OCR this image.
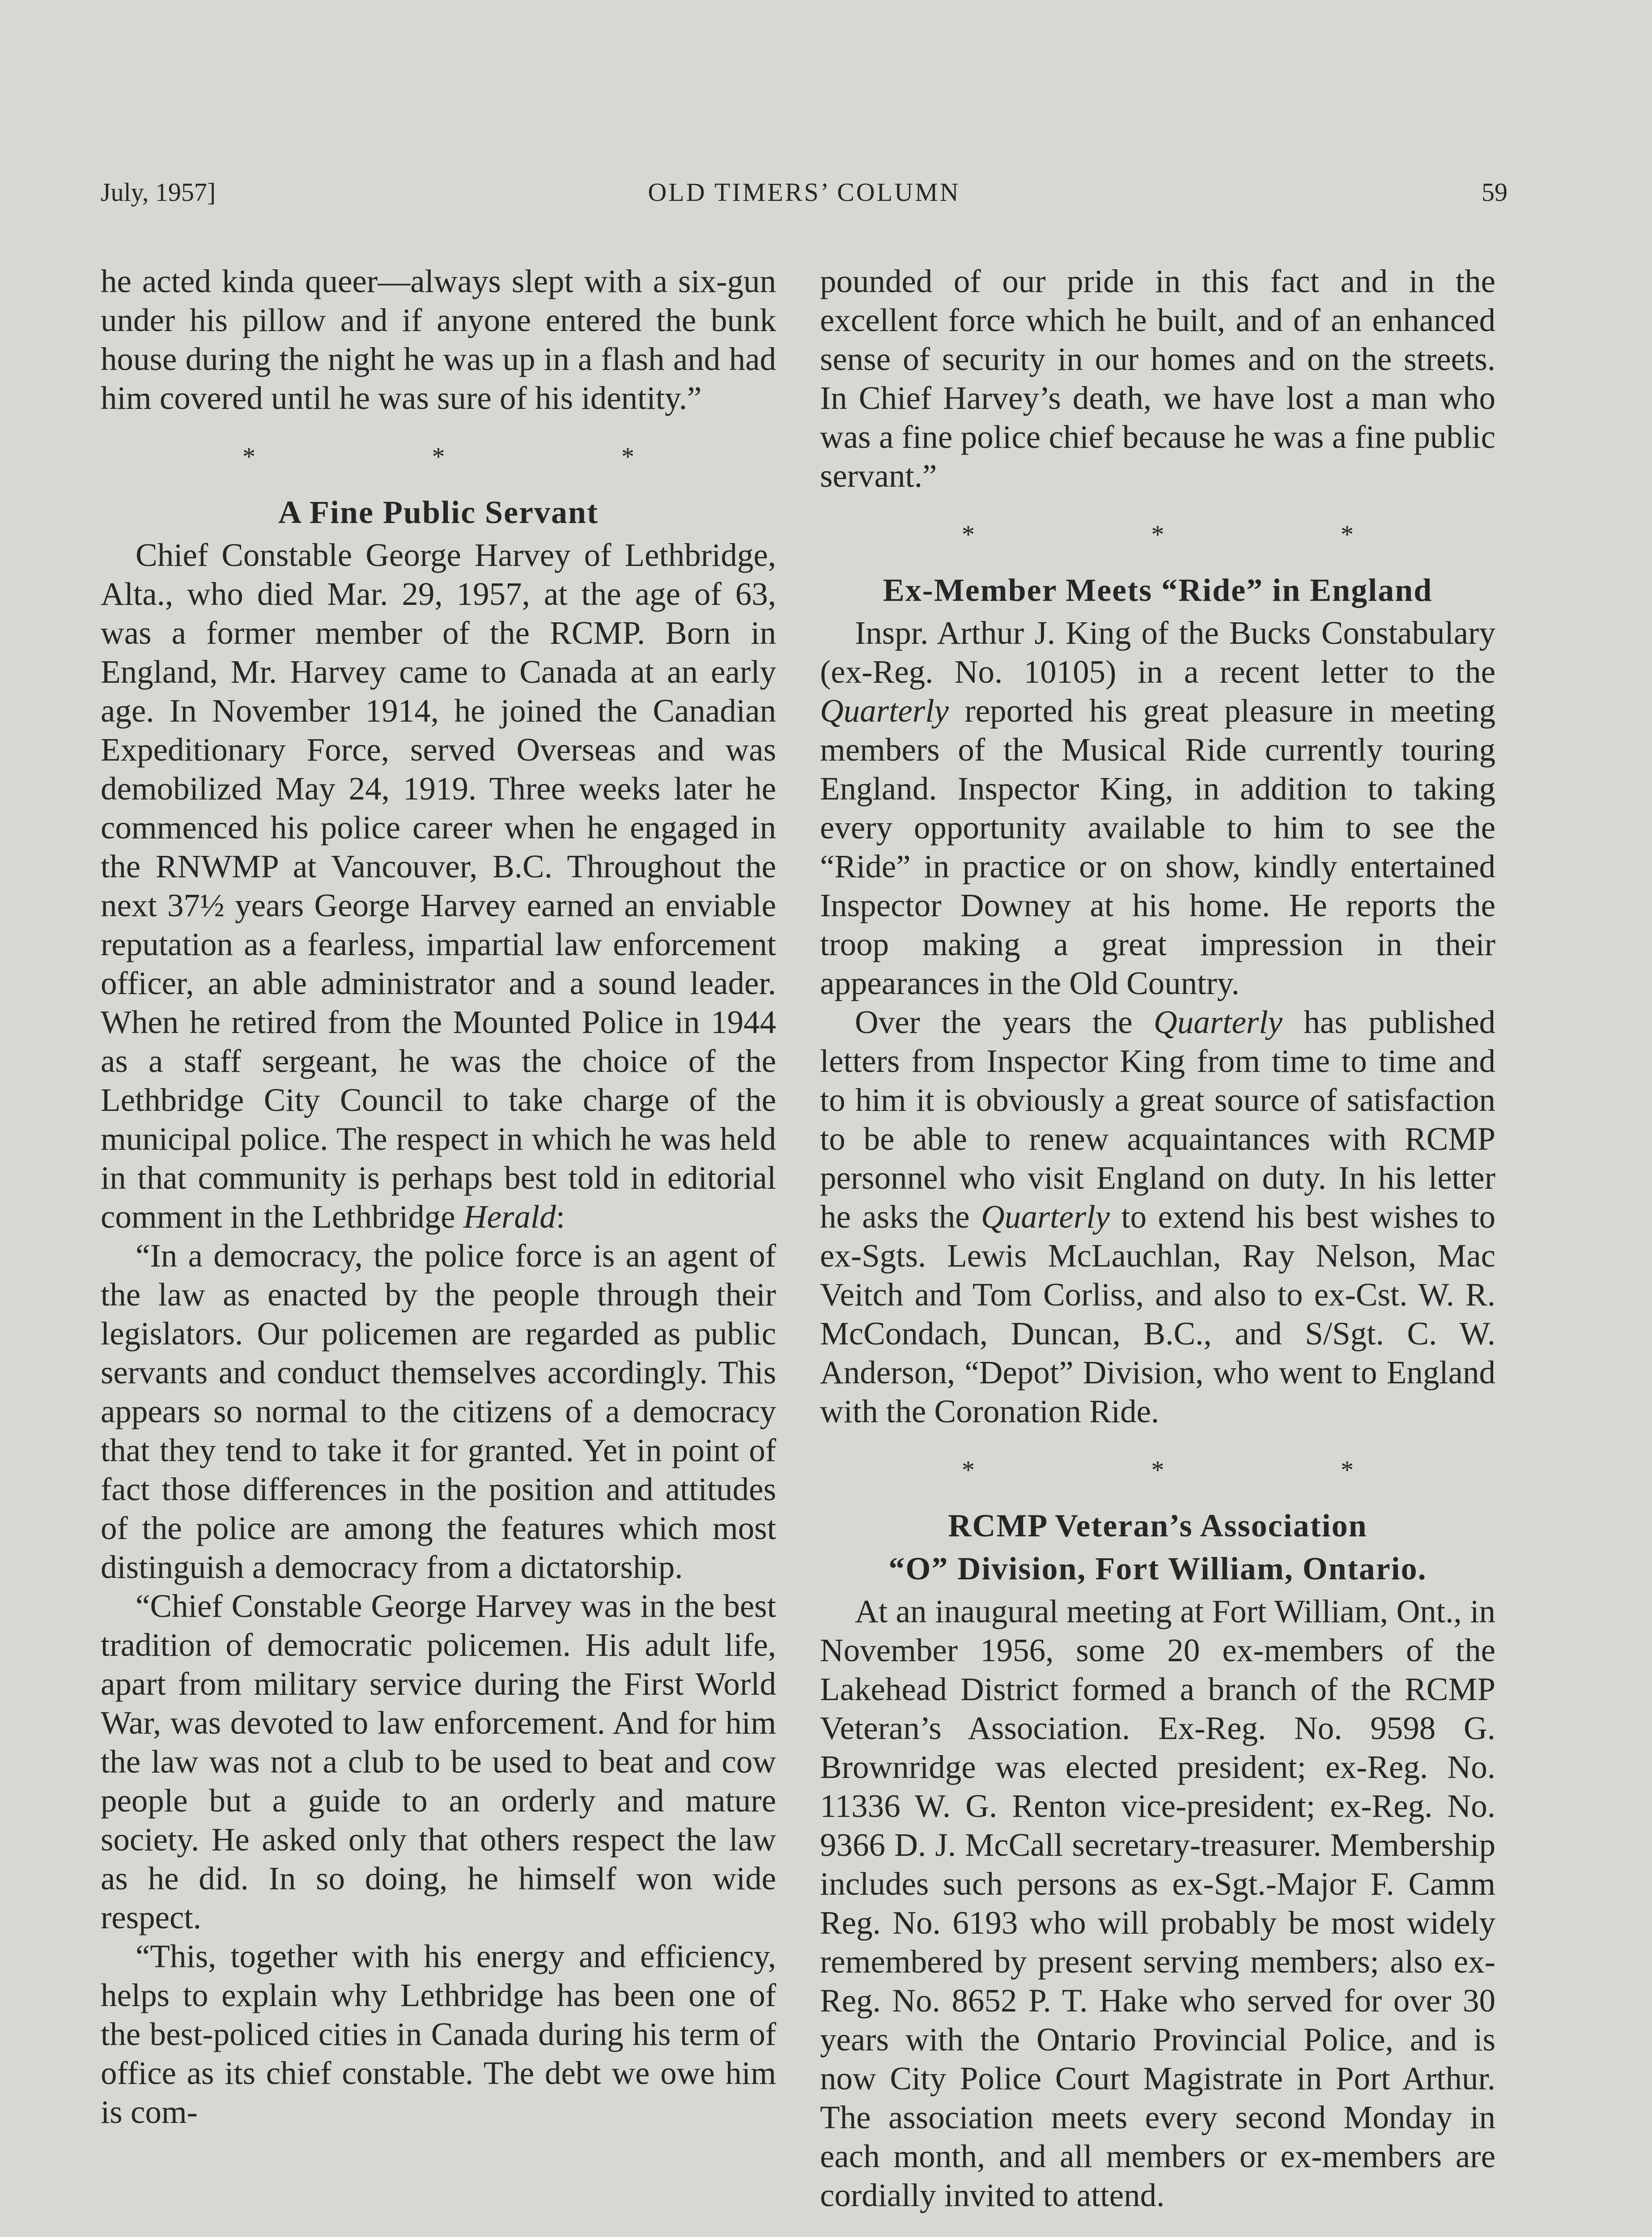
July, 1957]	OLD TIMERS’ COLUMN	59

he acted kinda queer—always slept with a six-gun under his pillow and if anyone entered the bunk house during the night he was up in a flash and had him covered until he was sure of his identity.”

* * *
A Fine Public Servant

Chief Constable George Harvey of Lethbridge, Alta., who died Mar. 29, 1957, at the age of 63, was a former member of the RCMP. Born in England, Mr. Harvey came to Canada at an early age. In November 1914, he joined the Canadian Expeditionary Force, served Overseas and was demobilized May 24, 1919. Three weeks later he commenced his police career when he engaged in the RNWMP at Vancouver, B.C. Throughout the next 37½ years George Harvey earned an enviable reputation as a fearless, impartial law enforcement officer, an able administrator and a sound leader. When he retired from the Mounted Police in 1944 as a staff sergeant, he was the choice of the Lethbridge City Council to take charge of the municipal police. The respect in which he was held in that community is perhaps best told in editorial comment in the Lethbridge Herald:

“In a democracy, the police force is an agent of the law as enacted by the people through their legislators. Our policemen are regarded as public servants and conduct themselves accordingly. This appears so normal to the citizens of a democracy that they tend to take it for granted. Yet in point of fact those differences in the position and attitudes of the police are among the features which most distinguish a democracy from a dictatorship.

“Chief Constable George Harvey was in the best tradition of democratic policemen. His adult life, apart from military service during the First World War, was devoted to law enforcement. And for him the law was not a club to be used to beat and cow people but a guide to an orderly and mature society. He asked only that others respect the law as he did. In so doing, he himself won wide respect.

“This, together with his energy and efficiency, helps to explain why Lethbridge has been one of the best-policed cities in Canada during his term of office as its chief constable. The debt we owe him is com-

pounded of our pride in this fact and in the excellent force which he built, and of an enhanced sense of security in our homes and on the streets. In Chief Harvey’s death, we have lost a man who was a fine police chief because he was a fine public servant.”

* * *
Ex-Member Meets “Ride” in England

Inspr. Arthur J. King of the Bucks Constabulary (ex-Reg. No. 10105) in a recent letter to the Quarterly reported his great pleasure in meeting members of the Musical Ride currently touring England. Inspector King, in addition to taking every opportunity available to him to see the “Ride” in practice or on show, kindly entertained Inspector Downey at his home. He reports the troop making a great impression in their appearances in the Old Country.

Over the years the Quarterly has published letters from Inspector King from time to time and to him it is obviously a great source of satisfaction to be able to renew acquaintances with RCMP personnel who visit England on duty. In his letter he asks the Quarterly to extend his best wishes to ex-Sgts. Lewis McLauchlan, Ray Nelson, Mac Veitch and Tom Corliss, and also to ex-Cst. W. R. McCondach, Duncan, B.C., and S/Sgt. C. W. Anderson, “Depot” Division, who went to England with the Coronation Ride.

* * *
RCMP Veteran’s Association
“O” Division, Fort William, Ontario.

At an inaugural meeting at Fort William, Ont., in November 1956, some 20 ex-members of the Lakehead District formed a branch of the RCMP Veteran’s Association. Ex-Reg. No. 9598 G. Brownridge was elected president; ex-Reg. No. 11336 W. G. Renton vice-president; ex-Reg. No. 9366 D. J. McCall secretary-treasurer. Membership includes such persons as ex-Sgt.-Major F. Camm Reg. No. 6193 who will probably be most widely remembered by present serving members; also ex-Reg. No. 8652 P. T. Hake who served for over 30 years with the Ontario Provincial Police, and is now City Police Court Magistrate in Port Arthur. The association meets every second Monday in each month, and all members or ex-members are cordially invited to attend.
